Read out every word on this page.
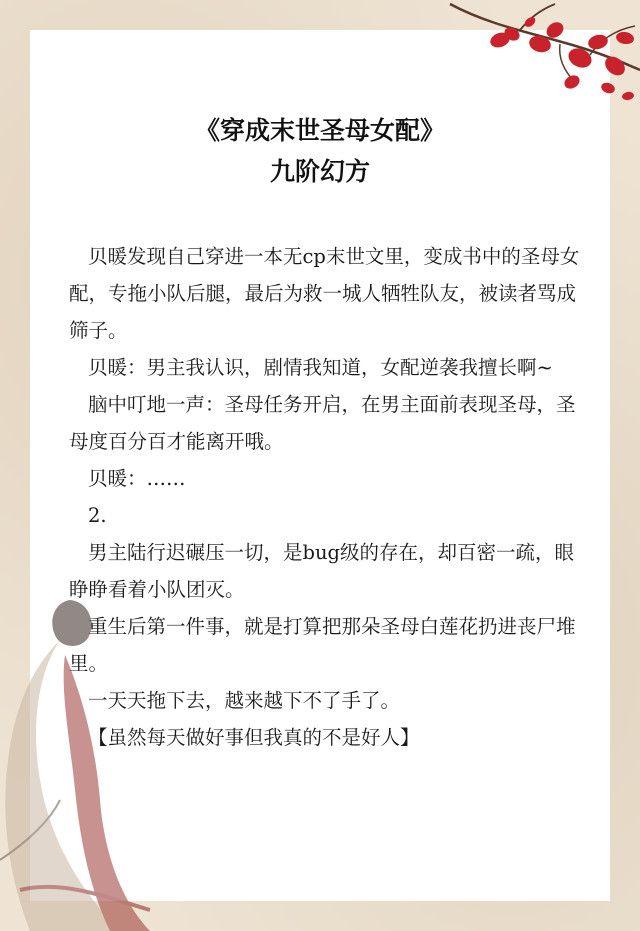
《穿成末世圣母女配》
九阶幻方

贝暖发现自己穿进一本无cp末世文里，变成书中的圣母女配，专拖小队后腿，最后为救一城人牺牲队友，被读者骂成筛子。

贝暖：男主我认识，剧情我知道，女配逆袭我擅长啊~

脑中叮地一声：圣母任务开启，在男主面前表现圣母，圣母度百分百才能离开哦。

贝暖：……

2.

男主陆行迟碾压一切，是bug级的存在，却百密一疏，眼睁睁看着小队团灭。

重生后第一件事，就是打算把那朵圣母白莲花扔进丧尸堆里。

一天天拖下去，越来越下不了手了。

【虽然每天做好事但我真的不是好人】
